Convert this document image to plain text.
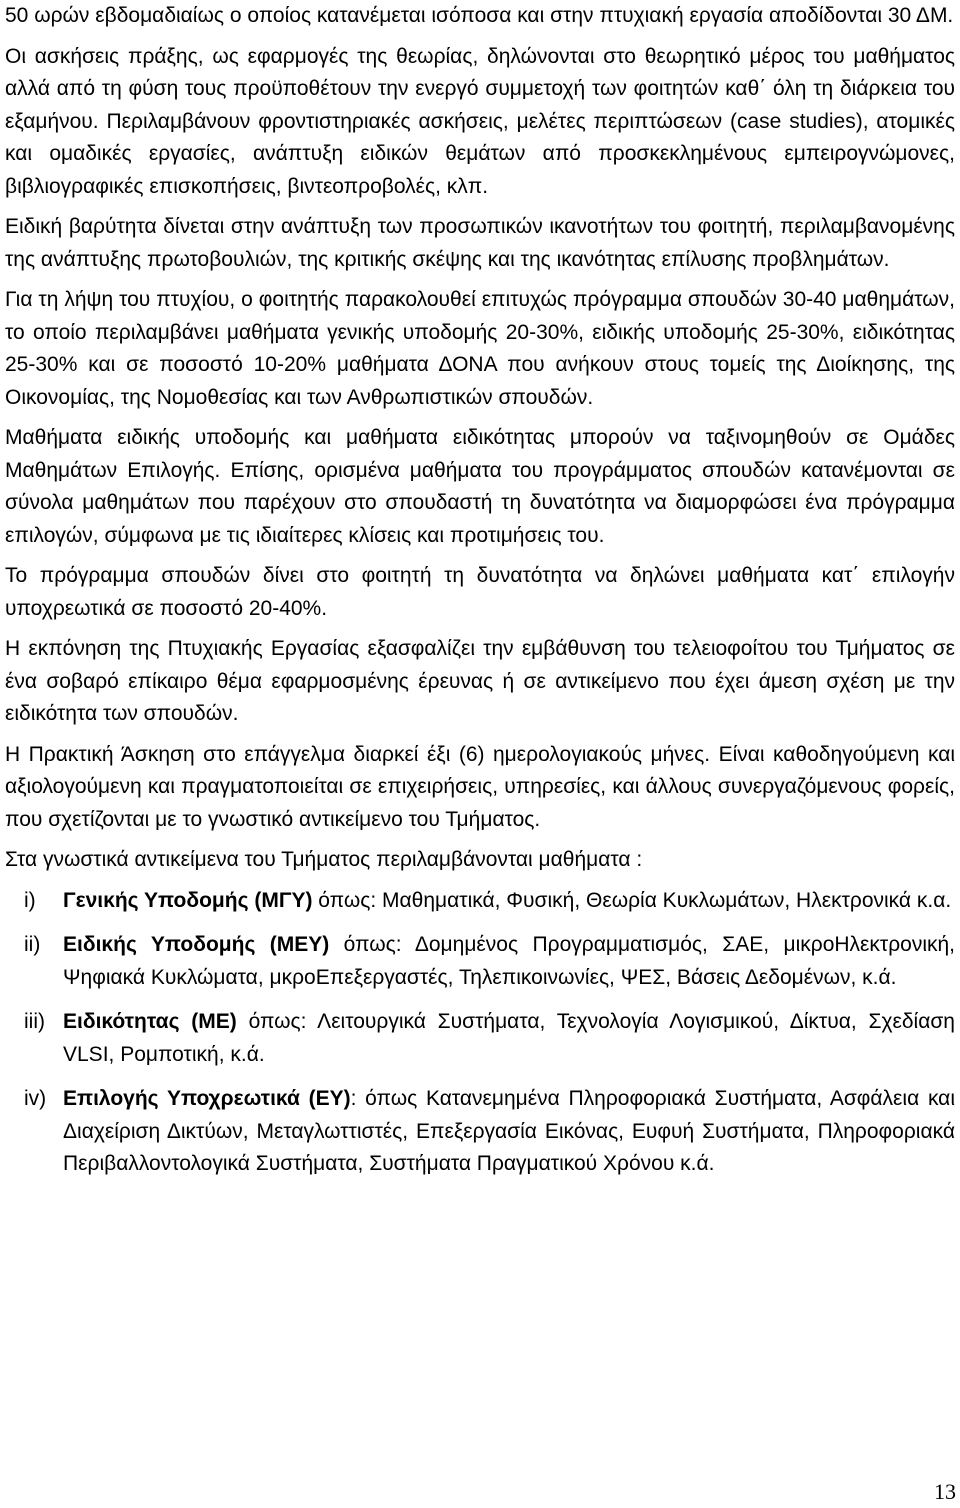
50 ωρών εβδομαδιαίως ο οποίος κατανέμεται ισόποσα και στην πτυχιακή εργασία αποδίδονται 30 ΔΜ.

Οι ασκήσεις πράξης, ως εφαρμογές της θεωρίας, δηλώνονται στο θεωρητικό μέρος του μαθήματος αλλά από τη φύση τους προϋποθέτουν την ενεργό συμμετοχή των φοιτητών καθ΄ όλη τη διάρκεια του εξαμήνου. Περιλαμβάνουν φροντιστηριακές ασκήσεις, μελέτες περιπτώσεων (case studies), ατομικές και ομαδικές εργασίες, ανάπτυξη ειδικών θεμάτων από προσκεκλημένους εμπειρογνώμονες, βιβλιογραφικές επισκοπήσεις, βιντεοπροβολές, κλπ.

Ειδική βαρύτητα δίνεται στην ανάπτυξη των προσωπικών ικανοτήτων του φοιτητή, περιλαμβανομένης της ανάπτυξης πρωτοβουλιών, της κριτικής σκέψης και της ικανότητας επίλυσης προβλημάτων.

Για τη λήψη του πτυχίου, ο φοιτητής παρακολουθεί επιτυχώς πρόγραμμα σπουδών 30-40 μαθημάτων, το οποίο περιλαμβάνει μαθήματα γενικής υποδομής 20-30%, ειδικής υποδομής 25-30%, ειδικότητας 25-30% και σε ποσοστό 10-20% μαθήματα ΔΟΝΑ που ανήκουν στους τομείς της Διοίκησης, της Οικονομίας, της Νομοθεσίας και των Ανθρωπιστικών σπουδών.

Μαθήματα ειδικής υποδομής και μαθήματα ειδικότητας μπορούν να ταξινομηθούν σε Ομάδες Μαθημάτων Επιλογής. Επίσης, ορισμένα μαθήματα του προγράμματος σπουδών κατανέμονται σε σύνολα μαθημάτων που παρέχουν στο σπουδαστή τη δυνατότητα να διαμορφώσει ένα πρόγραμμα επιλογών, σύμφωνα με τις ιδιαίτερες κλίσεις και προτιμήσεις του.

Το πρόγραμμα σπουδών δίνει στο φοιτητή τη δυνατότητα να δηλώνει μαθήματα κατ΄ επιλογήν υποχρεωτικά σε ποσοστό 20-40%.

Η εκπόνηση της Πτυχιακής Εργασίας εξασφαλίζει την εμβάθυνση του τελειοφοίτου του Τμήματος σε ένα σοβαρό επίκαιρο θέμα εφαρμοσμένης έρευνας ή σε αντικείμενο που έχει άμεση σχέση με την ειδικότητα των σπουδών.

Η Πρακτική Άσκηση στο επάγγελμα διαρκεί έξι (6) ημερολογιακούς μήνες. Είναι καθοδηγούμενη και αξιολογούμενη και πραγματοποιείται σε επιχειρήσεις, υπηρεσίες, και άλλους συνεργαζόμενους φορείς, που σχετίζονται με το γνωστικό αντικείμενο του Τμήματος.

Στα γνωστικά αντικείμενα του Τμήματος περιλαμβάνονται μαθήματα :

i) Γενικής Υποδομής (ΜΓΥ) όπως: Μαθηματικά, Φυσική, Θεωρία Κυκλωμάτων, Ηλεκτρονικά κ.α.
ii) Ειδικής Υποδομής (ΜΕΥ) όπως: Δομημένος Προγραμματισμός, ΣΑΕ, μικροΗλεκτρονική, Ψηφιακά Κυκλώματα, μκροΕπεξεργαστές, Τηλεπικοινωνίες, ΨΕΣ, Βάσεις Δεδομένων, κ.ά.
iii) Ειδικότητας (ΜΕ) όπως: Λειτουργικά Συστήματα, Τεχνολογία Λογισμικού, Δίκτυα, Σχεδίαση VLSI, Ρομποτική, κ.ά.
iv) Επιλογής Υποχρεωτικά (ΕΥ): όπως Κατανεμημένα Πληροφοριακά Συστήματα, Ασφάλεια και Διαχείριση Δικτύων, Μεταγλωττιστές, Επεξεργασία Εικόνας, Ευφυή Συστήματα, Πληροφοριακά Περιβαλλοντολογικά Συστήματα, Συστήματα Πραγματικού Χρόνου κ.ά.
13
